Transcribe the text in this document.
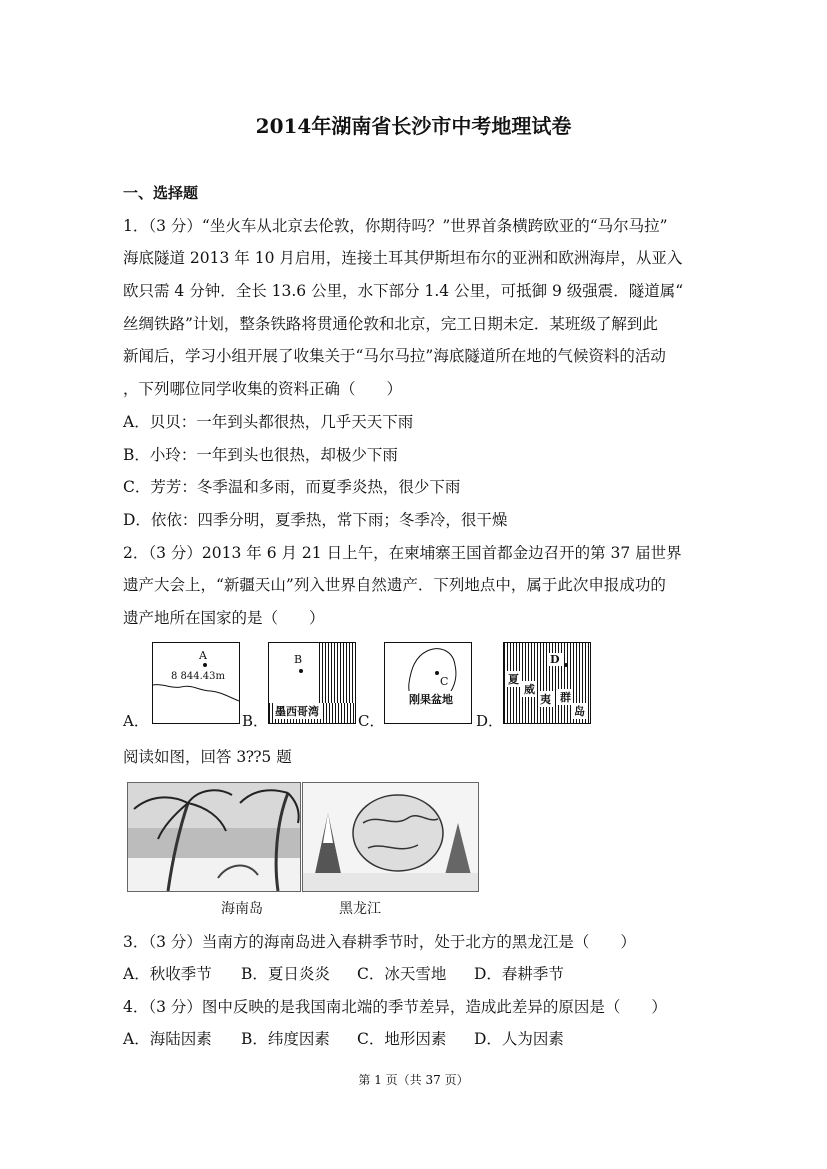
2014年湖南省长沙市中考地理试卷
一、选择题
1．（3 分）“坐火车从北京去伦敦，你期待吗？”世界首条横跨欧亚的“马尔马拉”
海底隧道 2013 年 10 月启用，连接土耳其伊斯坦布尔的亚洲和欧洲海岸，从亚入
欧只需 4 分钟．全长 13.6 公里，水下部分 1.4 公里，可抵御 9 级强震．隧道属“
丝绸铁路”计划，整条铁路将贯通伦敦和北京，完工日期未定．某班级了解到此
新闻后，学习小组开展了收集关于“马尔马拉”海底隧道所在地的气候资料的活动
，下列哪位同学收集的资料正确（　　）
A．贝贝：一年到头都很热，几乎天天下雨
B．小玲：一年到头也很热，却极少下雨
C．芳芳：冬季温和多雨，而夏季炎热，很少下雨
D．依依：四季分明，夏季热，常下雨；冬季冷，很干燥
2．（3 分）2013 年 6 月 21 日上午，在柬埔寨王国首都金边召开的第 37 届世界
遗产大会上，“新疆天山”列入世界自然遗产．下列地点中，属于此次申报成功的
遗产地所在国家的是（　　）
A．
A
8 844.43m
B．
B
墨西哥湾
C．
C
刚果盆地
D．
D
夏
威
夷 群
岛
阅读如图，回答 3⁇5 题
海南岛	黑龙江
3．（3 分）当南方的海南岛进入春耕季节时，处于北方的黑龙江是（　　）
A．秋收季节 B．夏日炎炎 C．冰天雪地 D．春耕季节
4．（3 分）图中反映的是我国南北端的季节差异，造成此差异的原因是（　　）
A．海陆因素 B．纬度因素 C．地形因素 D．人为因素
第 1 页（共 37 页）
